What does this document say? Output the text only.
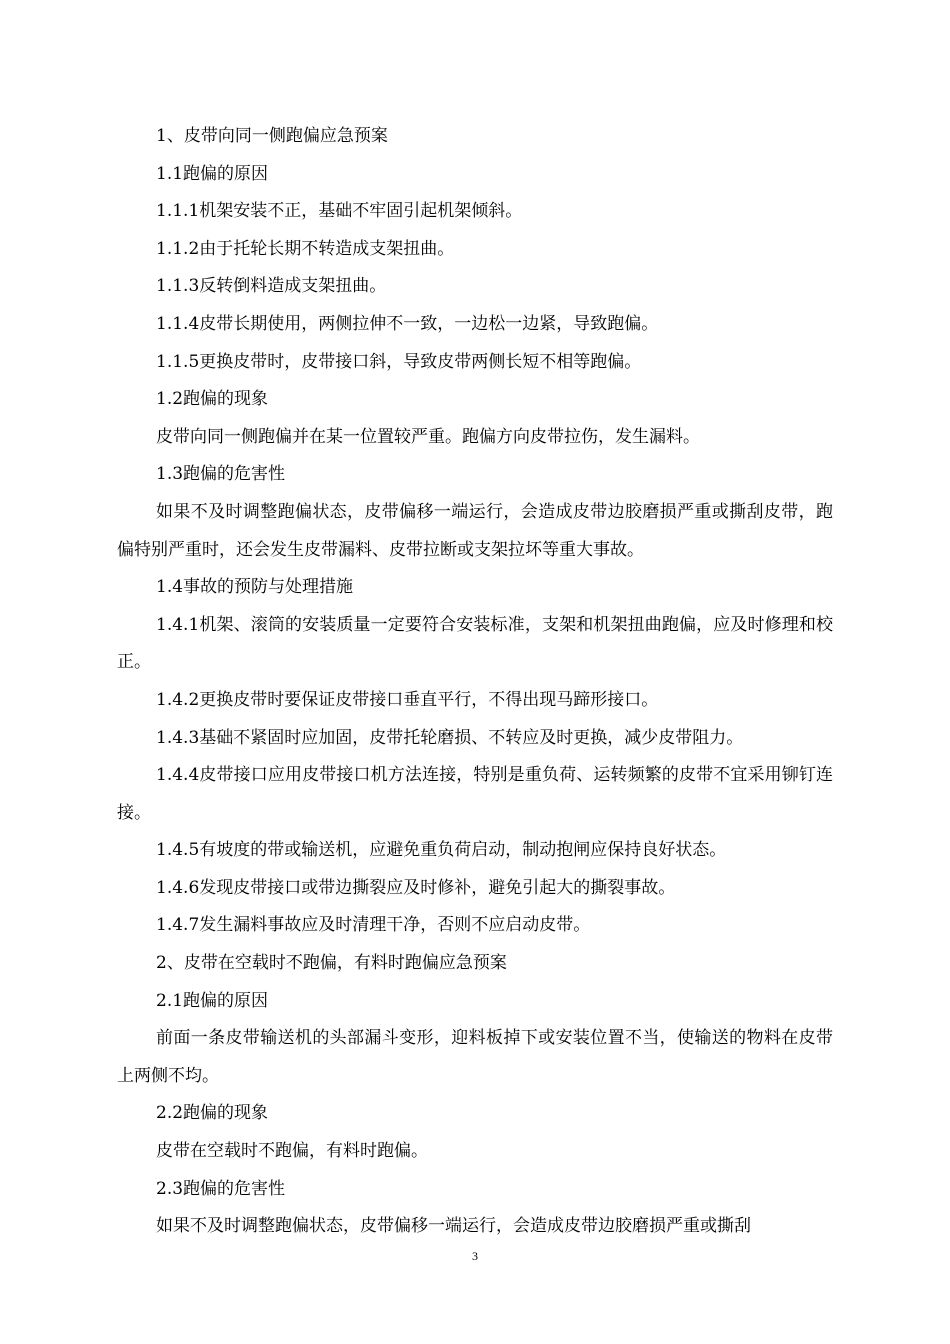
1、皮带向同一侧跑偏应急预案

1.1跑偏的原因

1.1.1机架安装不正，基础不牢固引起机架倾斜。

1.1.2由于托轮长期不转造成支架扭曲。

1.1.3反转倒料造成支架扭曲。

1.1.4皮带长期使用，两侧拉伸不一致，一边松一边紧，导致跑偏。

1.1.5更换皮带时，皮带接口斜，导致皮带两侧长短不相等跑偏。

1.2跑偏的现象

皮带向同一侧跑偏并在某一位置较严重。跑偏方向皮带拉伤，发生漏料。

1.3跑偏的危害性

如果不及时调整跑偏状态，皮带偏移一端运行，会造成皮带边胶磨损严重或撕刮皮带，跑偏特别严重时，还会发生皮带漏料、皮带拉断或支架拉坏等重大事故。

1.4事故的预防与处理措施

1.4.1机架、滚筒的安装质量一定要符合安装标准，支架和机架扭曲跑偏，应及时修理和校正。

1.4.2更换皮带时要保证皮带接口垂直平行，不得出现马蹄形接口。

1.4.3基础不紧固时应加固，皮带托轮磨损、不转应及时更换，减少皮带阻力。

1.4.4皮带接口应用皮带接口机方法连接，特别是重负荷、运转频繁的皮带不宜采用铆钉连接。

1.4.5有坡度的带或输送机，应避免重负荷启动，制动抱闸应保持良好状态。

1.4.6发现皮带接口或带边撕裂应及时修补，避免引起大的撕裂事故。

1.4.7发生漏料事故应及时清理干净，否则不应启动皮带。

2、皮带在空载时不跑偏，有料时跑偏应急预案

2.1跑偏的原因

前面一条皮带输送机的头部漏斗变形，迎料板掉下或安装位置不当，使输送的物料在皮带上两侧不均。

2.2跑偏的现象

皮带在空载时不跑偏，有料时跑偏。

2.3跑偏的危害性

如果不及时调整跑偏状态，皮带偏移一端运行，会造成皮带边胶磨损严重或撕刮

3
